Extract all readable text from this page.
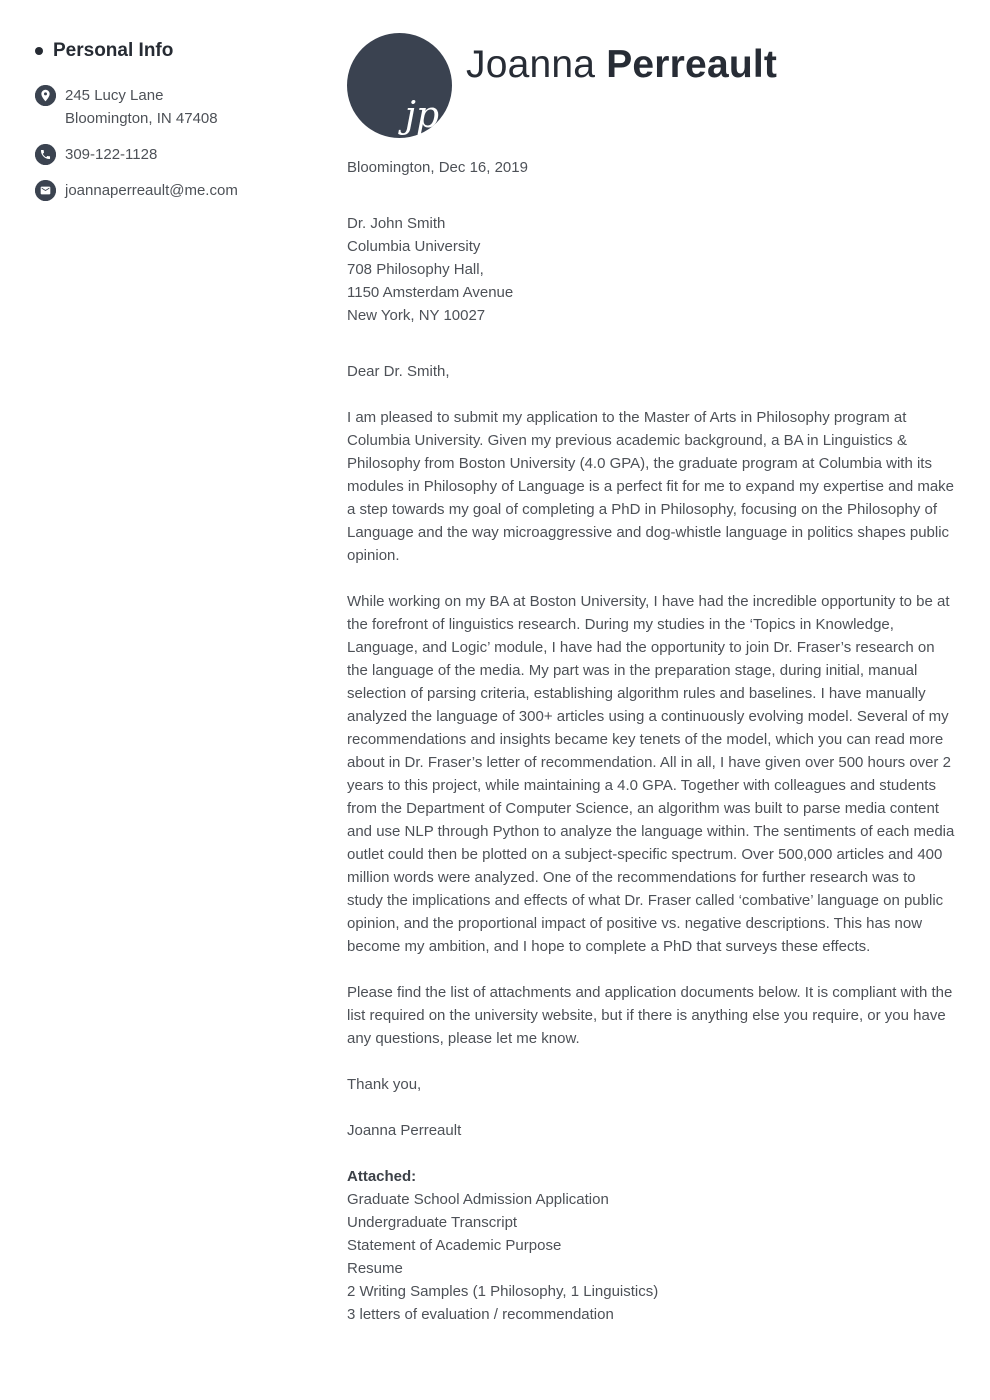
Personal Info
245 Lucy Lane
Bloomington, IN 47408
309-122-1128
joannaperreault@me.com
jp
Joanna Perreault
Bloomington, Dec 16, 2019
Dr. John Smith
Columbia University
708 Philosophy Hall,
1150 Amsterdam Avenue
New York, NY 10027
Dear Dr. Smith,

I am pleased to submit my application to the Master of Arts in Philosophy program at Columbia University. Given my previous academic background, a BA in Linguistics & Philosophy from Boston University (4.0 GPA), the graduate program at Columbia with its modules in Philosophy of Language is a perfect fit for me to expand my expertise and make a step towards my goal of completing a PhD in Philosophy, focusing on the Philosophy of Language and the way microaggressive and dog-whistle language in politics shapes public opinion.

While working on my BA at Boston University, I have had the incredible opportunity to be at the forefront of linguistics research. During my studies in the ‘Topics in Knowledge, Language, and Logic’ module, I have had the opportunity to join Dr. Fraser’s research on the language of the media. My part was in the preparation stage, during initial, manual selection of parsing criteria, establishing algorithm rules and baselines. I have manually analyzed the language of 300+ articles using a continuously evolving model. Several of my recommendations and insights became key tenets of the model, which you can read more about in Dr. Fraser’s letter of recommendation. All in all, I have given over 500 hours over 2 years to this project, while maintaining a 4.0 GPA. Together with colleagues and students from the Department of Computer Science, an algorithm was built to parse media content and use NLP through Python to analyze the language within. The sentiments of each media outlet could then be plotted on a subject-specific spectrum. Over 500,000 articles and 400 million words were analyzed. One of the recommendations for further research was to study the implications and effects of what Dr. Fraser called ‘combative’ language on public opinion, and the proportional impact of positive vs. negative descriptions. This has now become my ambition, and I hope to complete a PhD that surveys these effects.

Please find the list of attachments and application documents below. It is compliant with the list required on the university website, but if there is anything else you require, or you have any questions, please let me know.

Thank you,
Joanna Perreault
Attached:
Graduate School Admission Application
Undergraduate Transcript
Statement of Academic Purpose
Resume
2 Writing Samples (1 Philosophy, 1 Linguistics)
3 letters of evaluation / recommendation
